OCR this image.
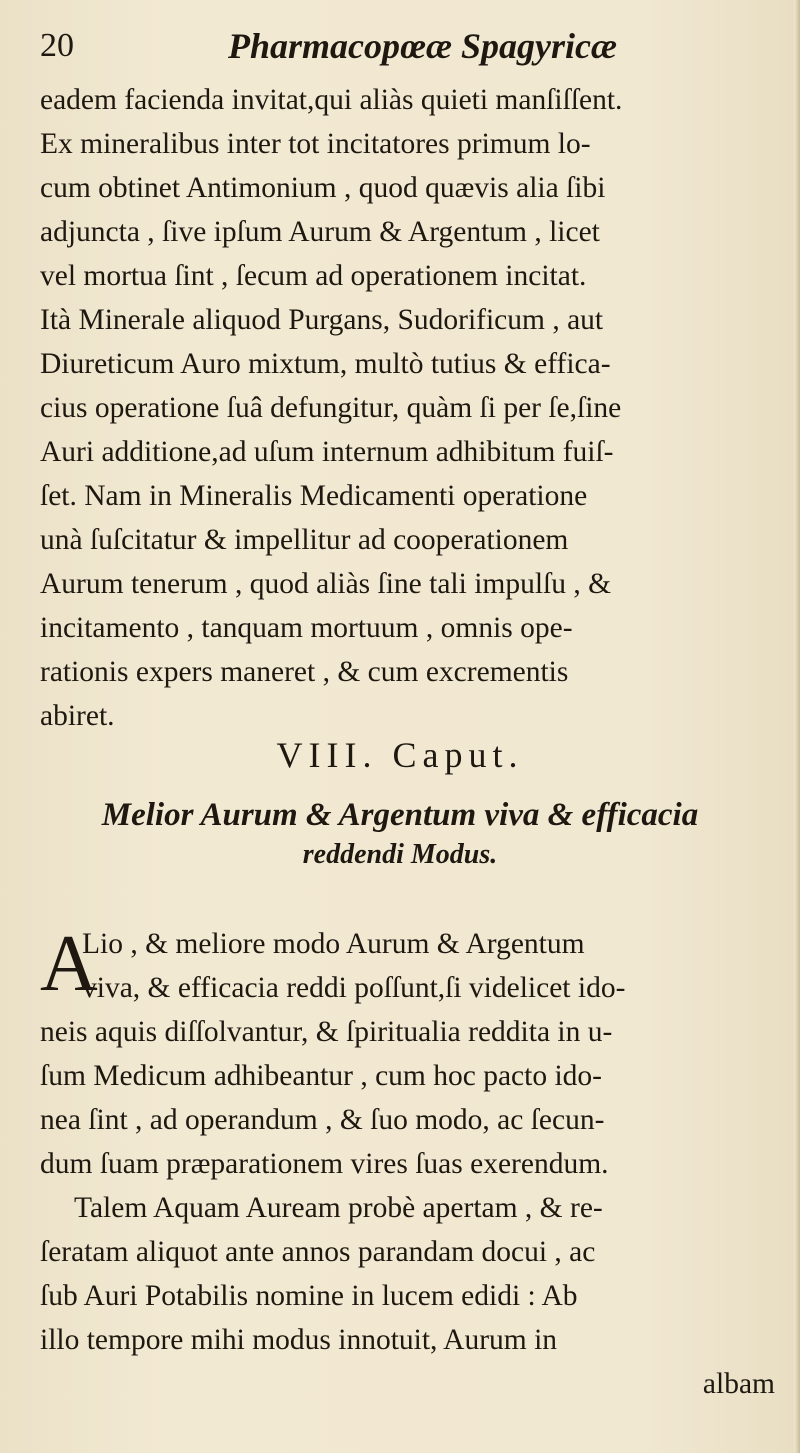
20	Pharmacopœæ Spagyricæ
eadem facienda invitat,qui aliàs quieti manſiſſent.
Ex mineralibus inter tot incitatores primum lo-
cum obtinet Antimonium , quod quævis alia ſibi
adjuncta , ſive ipſum Aurum & Argentum , licet
vel mortua ſint , ſecum ad operationem incitat.
Ità Minerale aliquod Purgans, Sudorificum , aut
Diureticum Auro mixtum, multò tutius & effica-
cius operatione ſuâ defungitur, quàm ſi per ſe,ſine
Auri additione,ad uſum internum adhibitum fuiſ-
ſet. Nam in Mineralis Medicamenti operatione
unà ſuſcitatur & impellitur ad cooperationem
Aurum tenerum , quod aliàs ſine tali impulſu , &
incitamento , tanquam mortuum , omnis ope-
rationis expers maneret , & cum excrementis
abiret.
VIII. Caput.
Melior Aurum & Argentum viva & efficacia
reddendi Modus.
A
Lio , & meliore modo Aurum & Argentum
viva, & efficacia reddi poſſunt,ſi videlicet ido-
neis aquis diſſolvantur, & ſpiritualia reddita in u-
ſum Medicum adhibeantur , cum hoc pacto ido-
nea ſint , ad operandum , & ſuo modo, ac ſecun-
dum ſuam præparationem vires ſuas exerendum.
Talem Aquam Auream probè apertam , & re-
ſeratam aliquot ante annos parandam docui , ac
ſub Auri Potabilis nomine in lucem edidi : Ab
illo tempore mihi modus innotuit, Aurum in
albam
